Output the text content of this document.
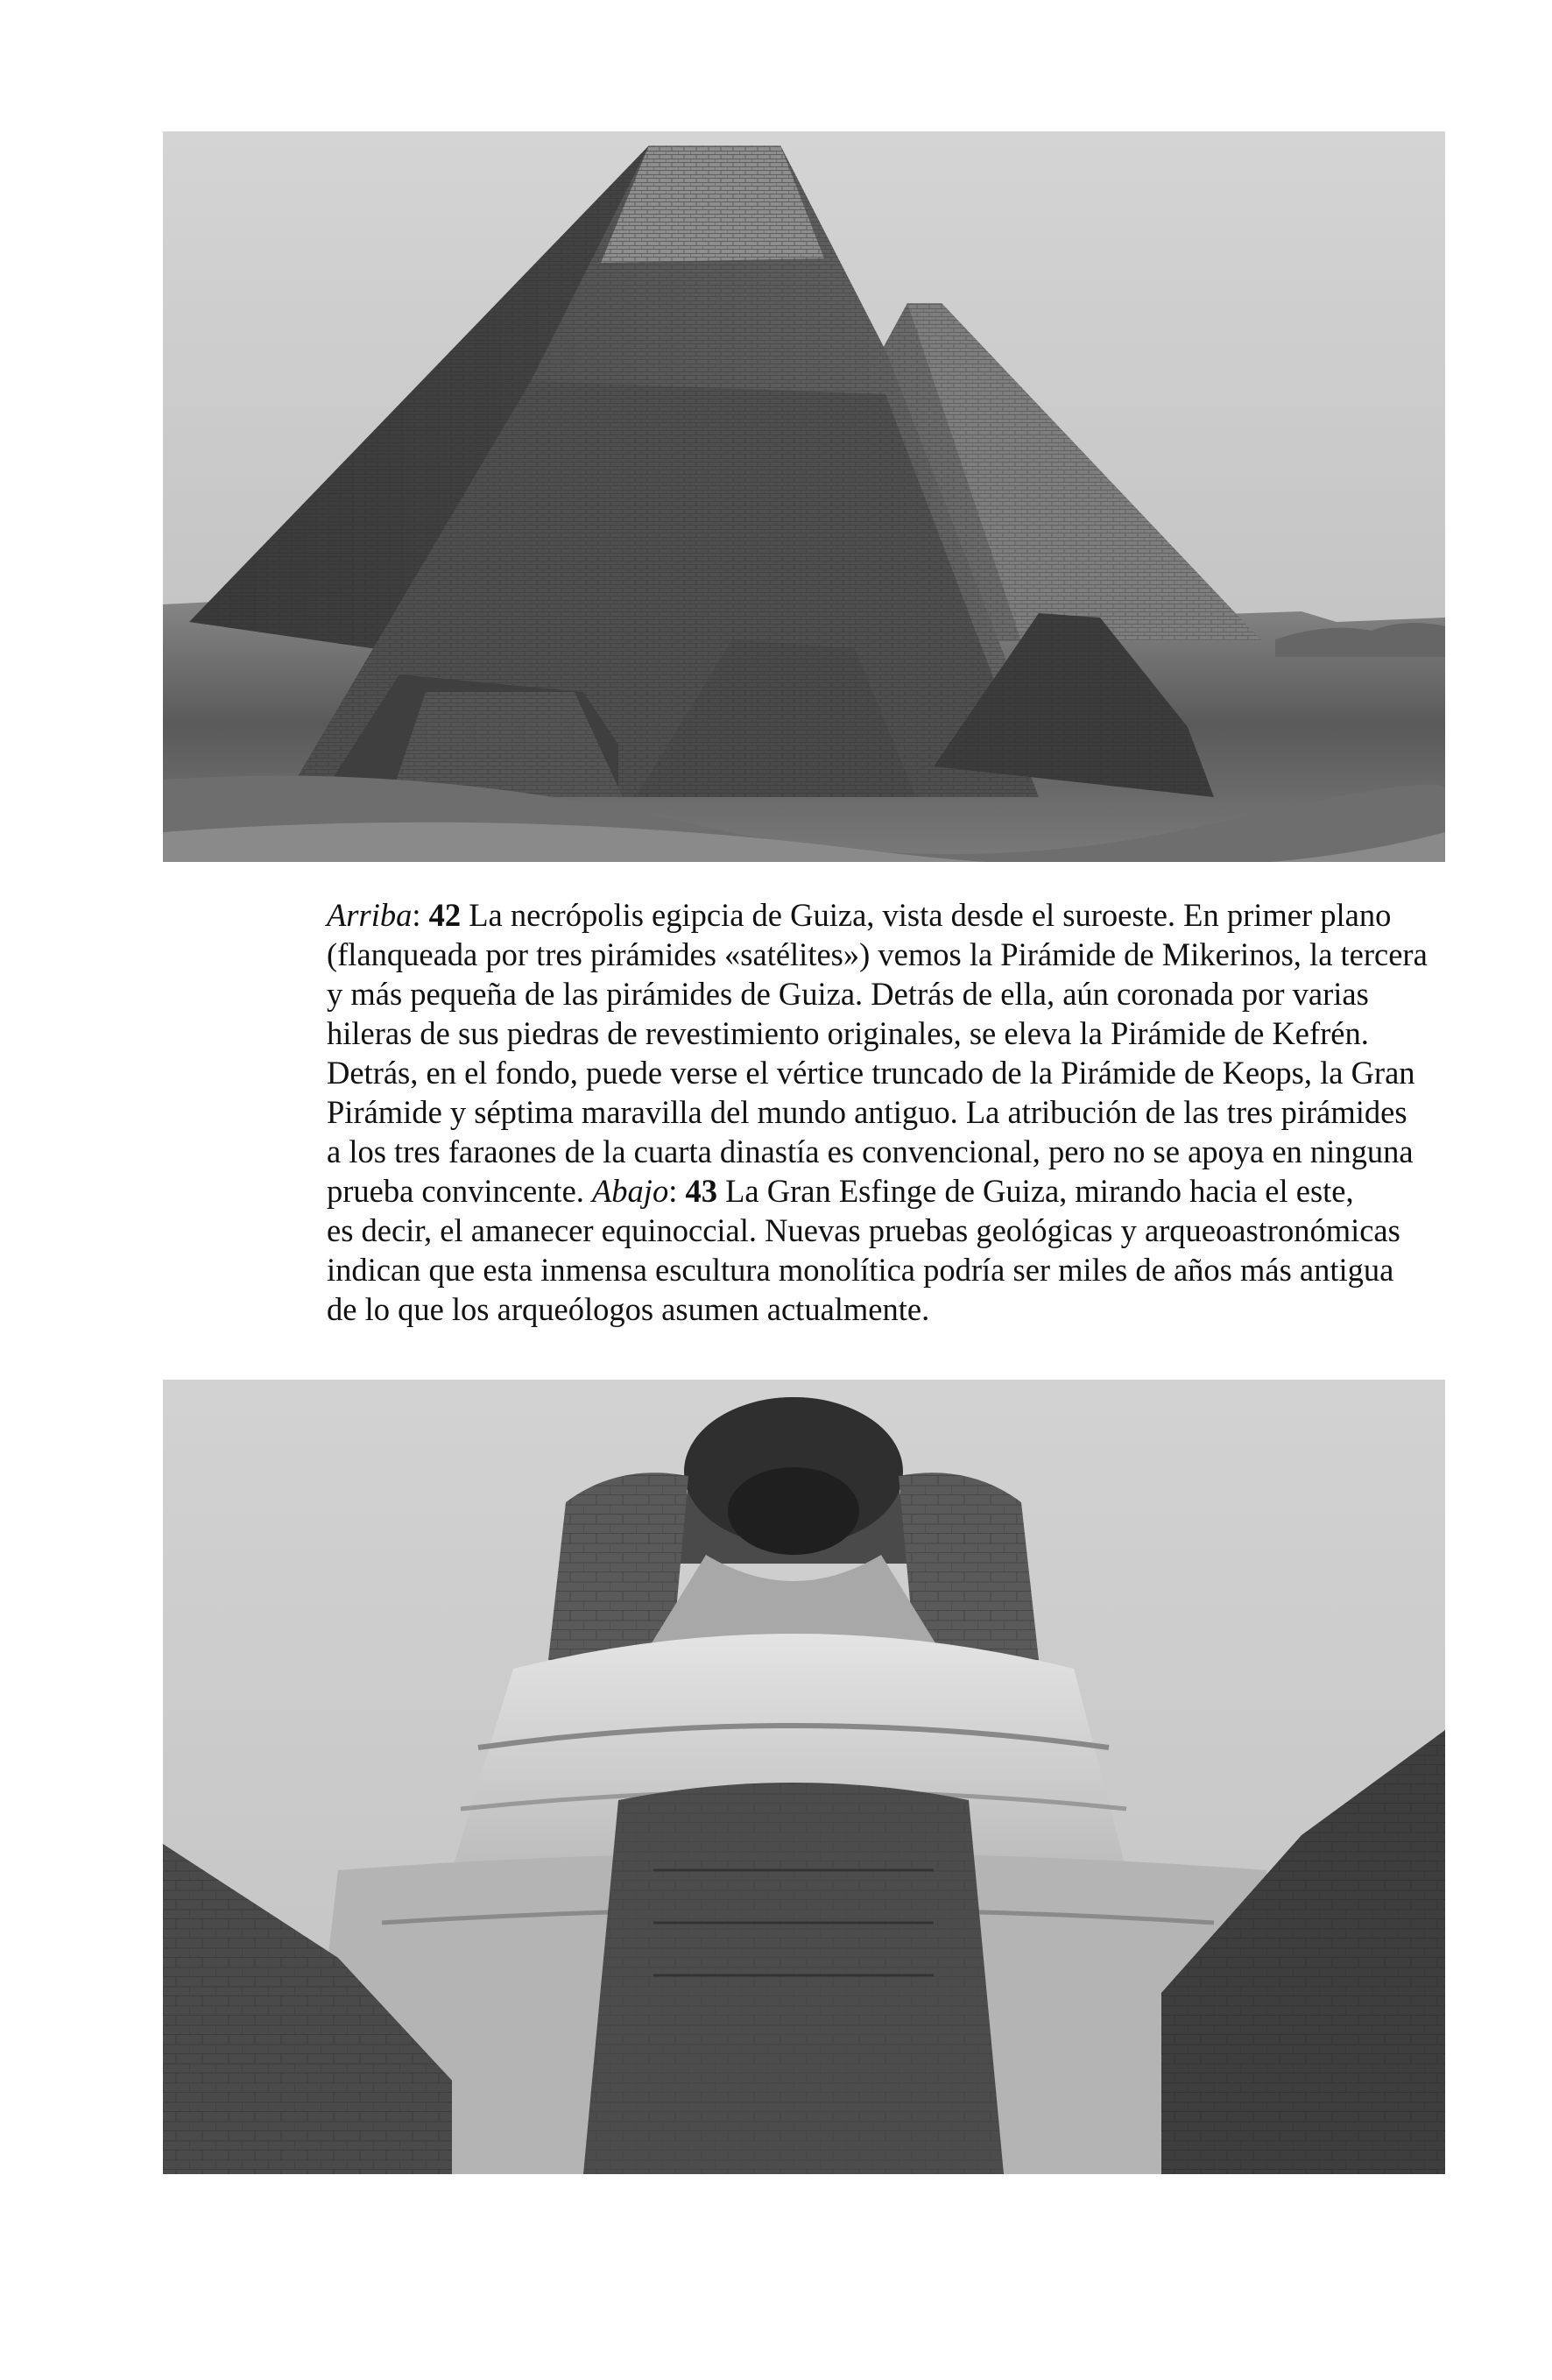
Arriba: 42 La necrópolis egipcia de Guiza, vista desde el suroeste. En primer plano
(flanqueada por tres pirámides «satélites») vemos la Pirámide de Mikerinos, la tercera
y más pequeña de las pirámides de Guiza. Detrás de ella, aún coronada por varias
hileras de sus piedras de revestimiento originales, se eleva la Pirámide de Kefrén.
Detrás, en el fondo, puede verse el vértice truncado de la Pirámide de Keops, la Gran
Pirámide y séptima maravilla del mundo antiguo. La atribución de las tres pirámides
a los tres faraones de la cuarta dinastía es convencional, pero no se apoya en ninguna
prueba convincente. Abajo: 43 La Gran Esfinge de Guiza, mirando hacia el este,
es decir, el amanecer equinoccial. Nuevas pruebas geológicas y arqueoastronómicas
indican que esta inmensa escultura monolítica podría ser miles de años más antigua
de lo que los arqueólogos asumen actualmente.
